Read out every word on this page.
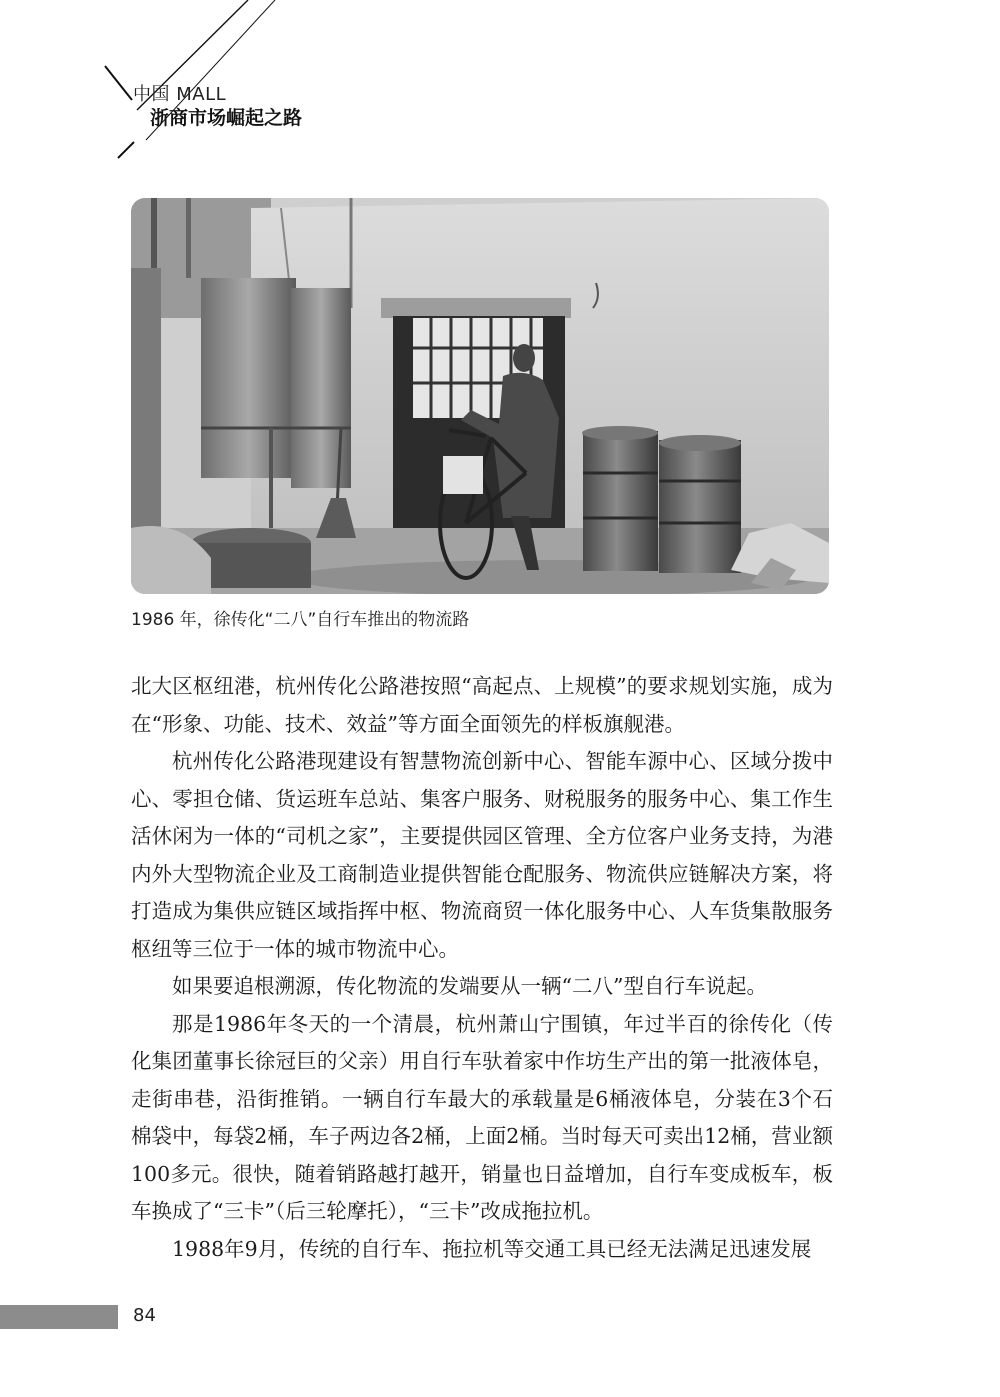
中国 MALL
浙商市场崛起之路
1986 年，徐传化“二八”自行车推出的物流路

北大区枢纽港，杭州传化公路港按照“高起点、上规模”的要求规划实施，成为在“形象、功能、技术、效益”等方面全面领先的样板旗舰港。

杭州传化公路港现建设有智慧物流创新中心、智能车源中心、区域分拨中心、零担仓储、货运班车总站、集客户服务、财税服务的服务中心、集工作生活休闲为一体的“司机之家”，主要提供园区管理、全方位客户业务支持，为港内外大型物流企业及工商制造业提供智能仓配服务、物流供应链解决方案，将打造成为集供应链区域指挥中枢、物流商贸一体化服务中心、人车货集散服务枢纽等三位于一体的城市物流中心。

如果要追根溯源，传化物流的发端要从一辆“二八”型自行车说起。

那是1986年冬天的一个清晨，杭州萧山宁围镇，年过半百的徐传化（传化集团董事长徐冠巨的父亲）用自行车驮着家中作坊生产出的第一批液体皂，走街串巷，沿街推销。一辆自行车最大的承载量是6桶液体皂，分装在3个石棉袋中，每袋2桶，车子两边各2桶，上面2桶。当时每天可卖出12桶，营业额100多元。很快，随着销路越打越开，销量也日益增加，自行车变成板车，板车换成了“三卡”（后三轮摩托），“三卡”改成拖拉机。

1988年9月，传统的自行车、拖拉机等交通工具已经无法满足迅速发展

84
